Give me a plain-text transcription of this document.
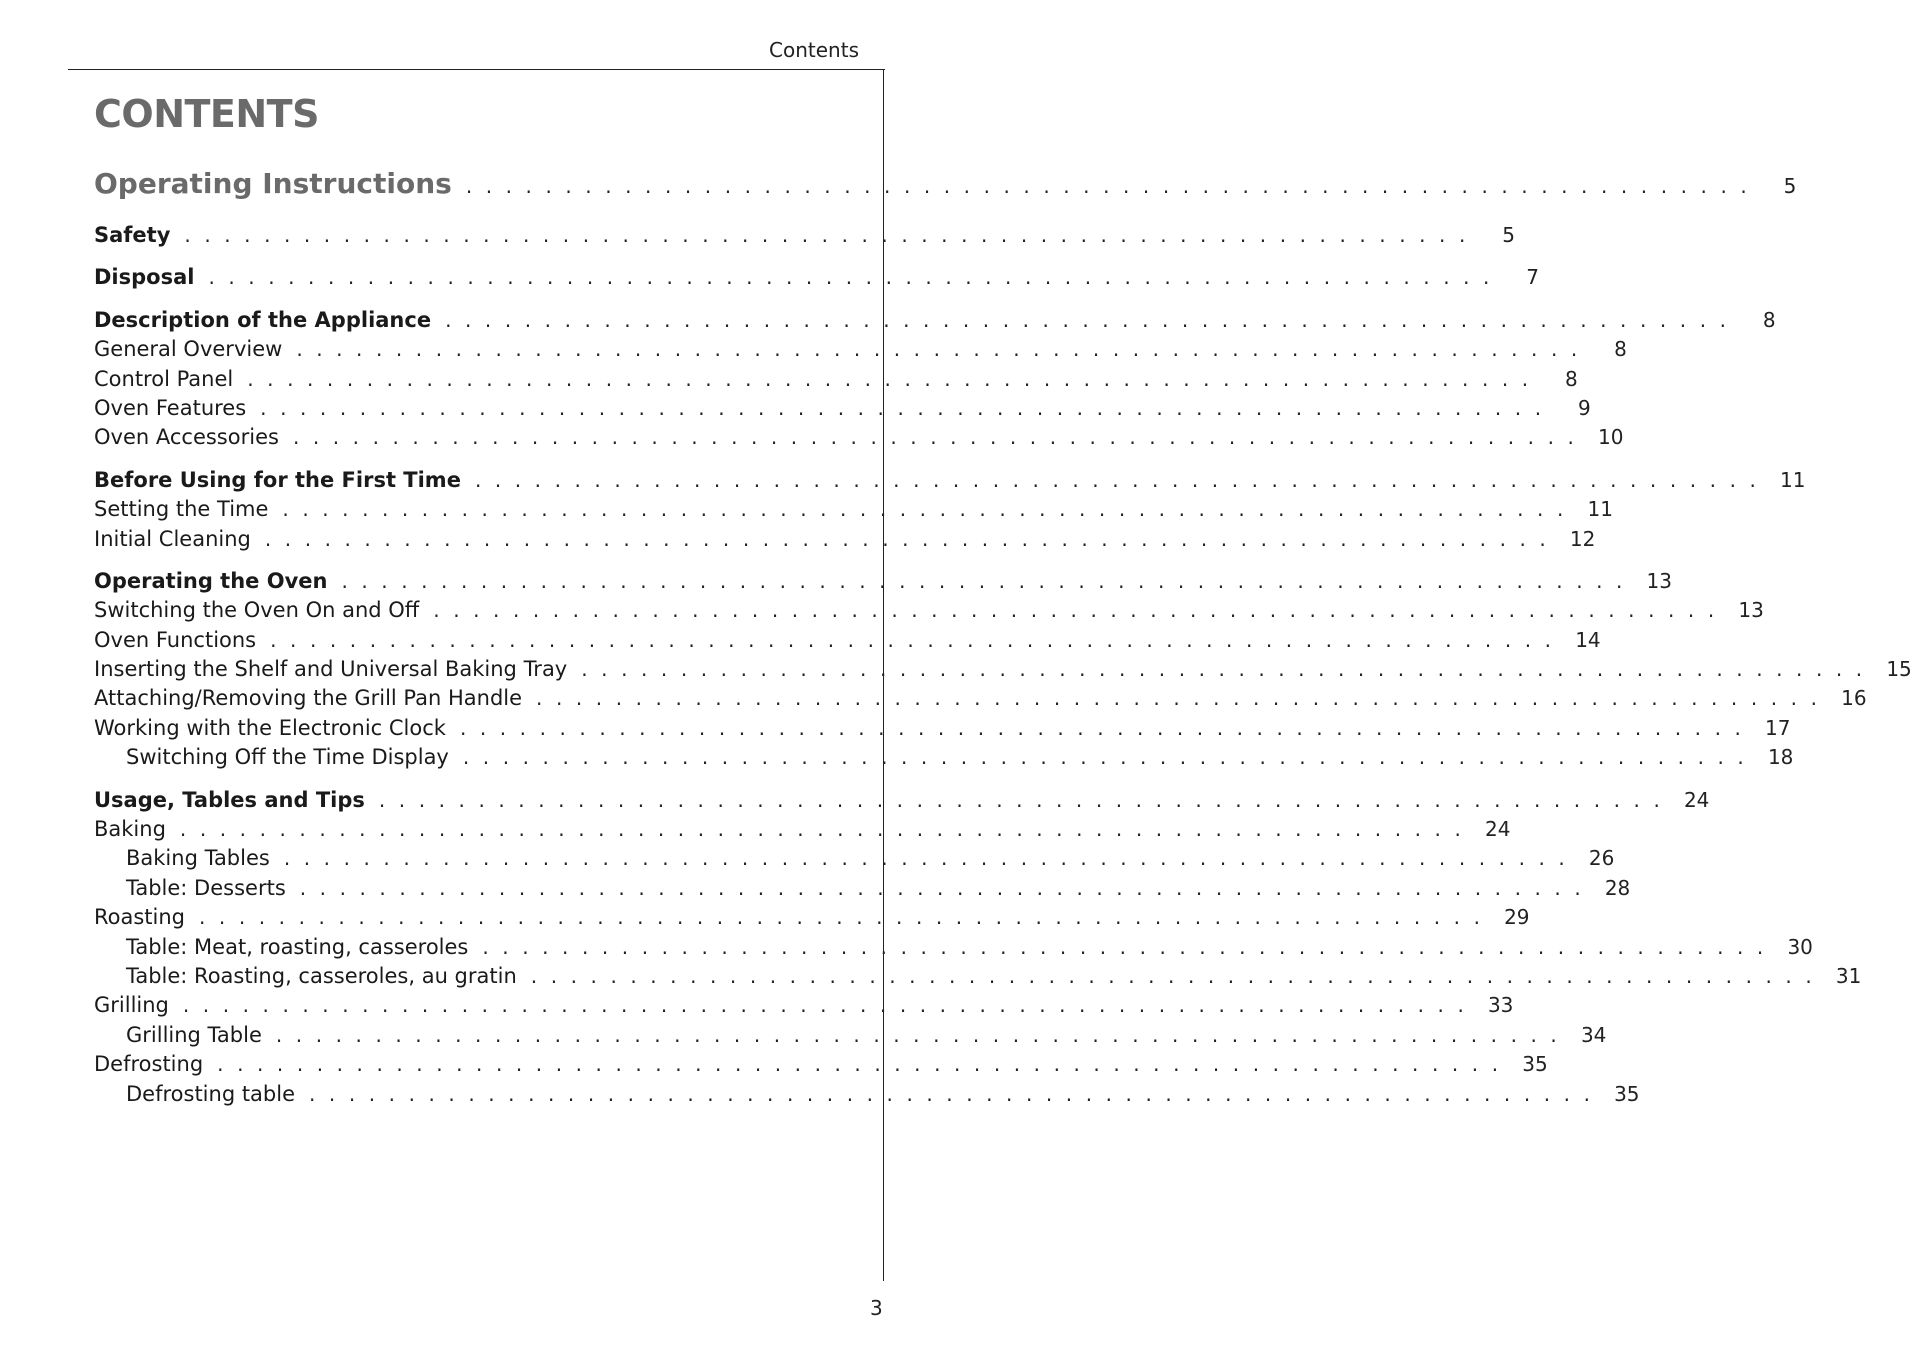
Contents
CONTENTS
Operating Instructions . . . . . . . . . . . . . . . . . . . . . . . . . . . . . . . . . . . . . . . . . . . . . . . . . . . . . . . . . . . . . . . . .	5
Safety . . . . . . . . . . . . . . . . . . . . . . . . . . . . . . . . . . . . . . . . . . . . . . . . . . . . . . . . . . . . . . . . .	5
Disposal . . . . . . . . . . . . . . . . . . . . . . . . . . . . . . . . . . . . . . . . . . . . . . . . . . . . . . . . . . . . . . . . .	7
Description of the Appliance . . . . . . . . . . . . . . . . . . . . . . . . . . . . . . . . . . . . . . . . . . . . . . . . . . . . . . . . . . . . . . . . .	8
General Overview . . . . . . . . . . . . . . . . . . . . . . . . . . . . . . . . . . . . . . . . . . . . . . . . . . . . . . . . . . . . . . . . .	8
Control Panel . . . . . . . . . . . . . . . . . . . . . . . . . . . . . . . . . . . . . . . . . . . . . . . . . . . . . . . . . . . . . . . . .	8
Oven Features . . . . . . . . . . . . . . . . . . . . . . . . . . . . . . . . . . . . . . . . . . . . . . . . . . . . . . . . . . . . . . . . .	9
Oven Accessories . . . . . . . . . . . . . . . . . . . . . . . . . . . . . . . . . . . . . . . . . . . . . . . . . . . . . . . . . . . . . . . . .	10
Before Using for the First Time . . . . . . . . . . . . . . . . . . . . . . . . . . . . . . . . . . . . . . . . . . . . . . . . . . . . . . . . . . . . . . . . .	11
Setting the Time . . . . . . . . . . . . . . . . . . . . . . . . . . . . . . . . . . . . . . . . . . . . . . . . . . . . . . . . . . . . . . . . .	11
Initial Cleaning . . . . . . . . . . . . . . . . . . . . . . . . . . . . . . . . . . . . . . . . . . . . . . . . . . . . . . . . . . . . . . . . .	12
Operating the Oven . . . . . . . . . . . . . . . . . . . . . . . . . . . . . . . . . . . . . . . . . . . . . . . . . . . . . . . . . . . . . . . . .	13
Switching the Oven On and Off . . . . . . . . . . . . . . . . . . . . . . . . . . . . . . . . . . . . . . . . . . . . . . . . . . . . . . . . . . . . . . . . .	13
Oven Functions . . . . . . . . . . . . . . . . . . . . . . . . . . . . . . . . . . . . . . . . . . . . . . . . . . . . . . . . . . . . . . . . .	14
Inserting the Shelf and Universal Baking Tray . . . . . . . . . . . . . . . . . . . . . . . . . . . . . . . . . . . . . . . . . . . . . . . . . . . . . . . . . . . . . . . . .	15
Attaching/Removing the Grill Pan Handle . . . . . . . . . . . . . . . . . . . . . . . . . . . . . . . . . . . . . . . . . . . . . . . . . . . . . . . . . . . . . . . . .	16
Working with the Electronic Clock . . . . . . . . . . . . . . . . . . . . . . . . . . . . . . . . . . . . . . . . . . . . . . . . . . . . . . . . . . . . . . . . .	17
Switching Off the Time Display . . . . . . . . . . . . . . . . . . . . . . . . . . . . . . . . . . . . . . . . . . . . . . . . . . . . . . . . . . . . . . . . .	18
Usage, Tables and Tips . . . . . . . . . . . . . . . . . . . . . . . . . . . . . . . . . . . . . . . . . . . . . . . . . . . . . . . . . . . . . . . . .	24
Baking . . . . . . . . . . . . . . . . . . . . . . . . . . . . . . . . . . . . . . . . . . . . . . . . . . . . . . . . . . . . . . . . .	24
Baking Tables . . . . . . . . . . . . . . . . . . . . . . . . . . . . . . . . . . . . . . . . . . . . . . . . . . . . . . . . . . . . . . . . .	26
Table: Desserts . . . . . . . . . . . . . . . . . . . . . . . . . . . . . . . . . . . . . . . . . . . . . . . . . . . . . . . . . . . . . . . . .	28
Roasting . . . . . . . . . . . . . . . . . . . . . . . . . . . . . . . . . . . . . . . . . . . . . . . . . . . . . . . . . . . . . . . . .	29
Table: Meat, roasting, casseroles . . . . . . . . . . . . . . . . . . . . . . . . . . . . . . . . . . . . . . . . . . . . . . . . . . . . . . . . . . . . . . . . .	30
Table: Roasting, casseroles, au gratin . . . . . . . . . . . . . . . . . . . . . . . . . . . . . . . . . . . . . . . . . . . . . . . . . . . . . . . . . . . . . . . . .	31
Grilling . . . . . . . . . . . . . . . . . . . . . . . . . . . . . . . . . . . . . . . . . . . . . . . . . . . . . . . . . . . . . . . . .	33
Grilling Table . . . . . . . . . . . . . . . . . . . . . . . . . . . . . . . . . . . . . . . . . . . . . . . . . . . . . . . . . . . . . . . . .	34
Defrosting . . . . . . . . . . . . . . . . . . . . . . . . . . . . . . . . . . . . . . . . . . . . . . . . . . . . . . . . . . . . . . . . .	35
Defrosting table . . . . . . . . . . . . . . . . . . . . . . . . . . . . . . . . . . . . . . . . . . . . . . . . . . . . . . . . . . . . . . . . .	35
3
